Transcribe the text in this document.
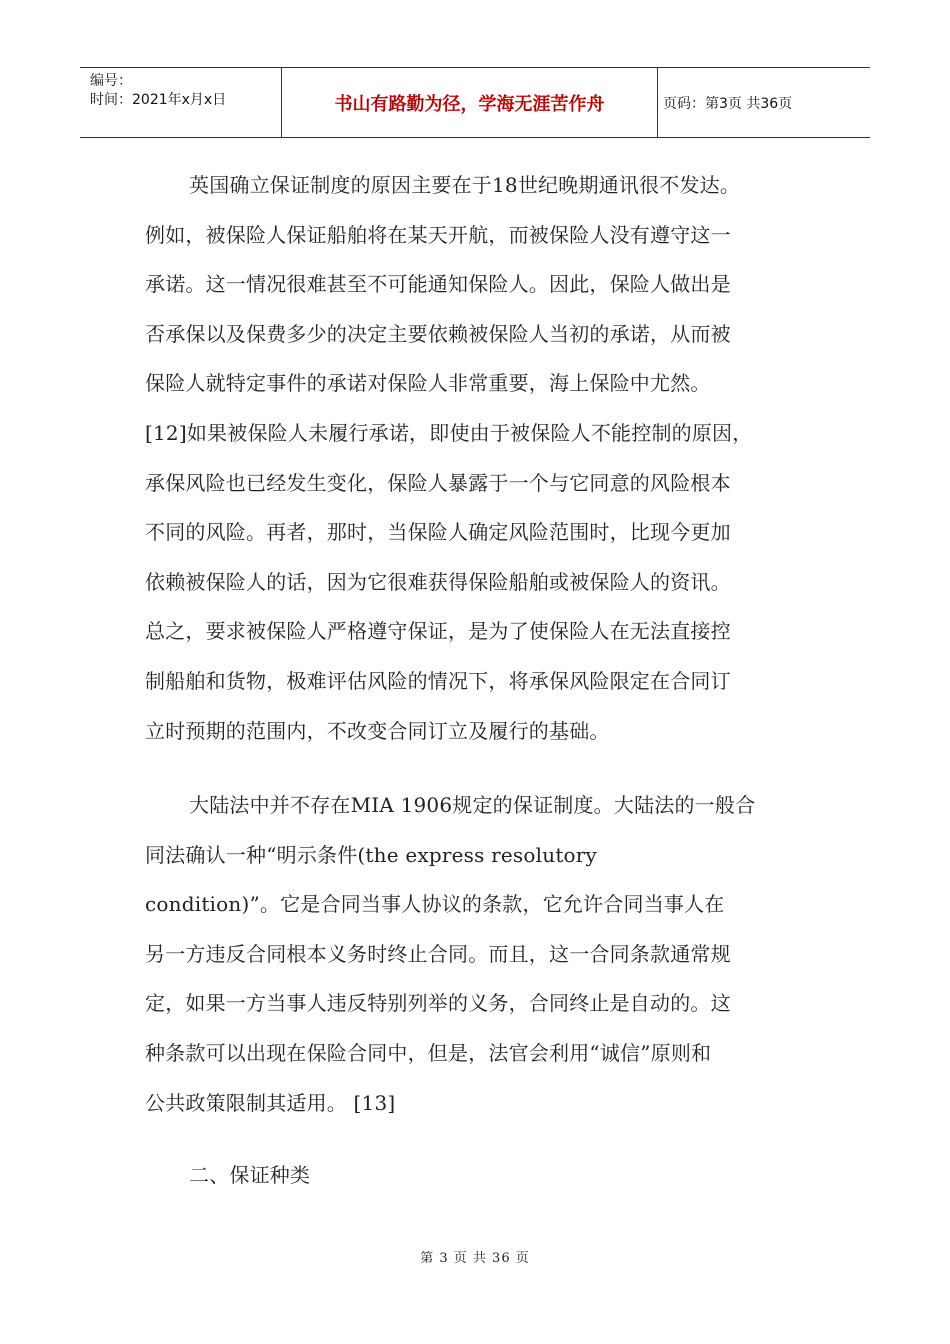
编号：
时间：2021年x月x日	书山有路勤为径，学海无涯苦作舟	页码：第3页 共36页
英国确立保证制度的原因主要在于18世纪晚期通讯很不发达。
例如，被保险人保证船舶将在某天开航，而被保险人没有遵守这一
承诺。这一情况很难甚至不可能通知保险人。因此，保险人做出是
否承保以及保费多少的决定主要依赖被保险人当初的承诺，从而被
保险人就特定事件的承诺对保险人非常重要，海上保险中尤然。
[12]如果被保险人未履行承诺，即使由于被保险人不能控制的原因，
承保风险也已经发生变化，保险人暴露于一个与它同意的风险根本
不同的风险。再者，那时，当保险人确定风险范围时，比现今更加
依赖被保险人的话，因为它很难获得保险船舶或被保险人的资讯。
总之，要求被保险人严格遵守保证，是为了使保险人在无法直接控
制船舶和货物，极难评估风险的情况下，将承保风险限定在合同订
立时预期的范围内，不改变合同订立及履行的基础。
大陆法中并不存在MIA 1906规定的保证制度。大陆法的一般合
同法确认一种“明示条件(the express resolutory
condition)”。它是合同当事人协议的条款，它允许合同当事人在
另一方违反合同根本义务时终止合同。而且，这一合同条款通常规
定，如果一方当事人违反特别列举的义务，合同终止是自动的。这
种条款可以出现在保险合同中，但是，法官会利用“诚信”原则和
公共政策限制其适用。 [13]
二、保证种类
第 3 页 共 36 页
